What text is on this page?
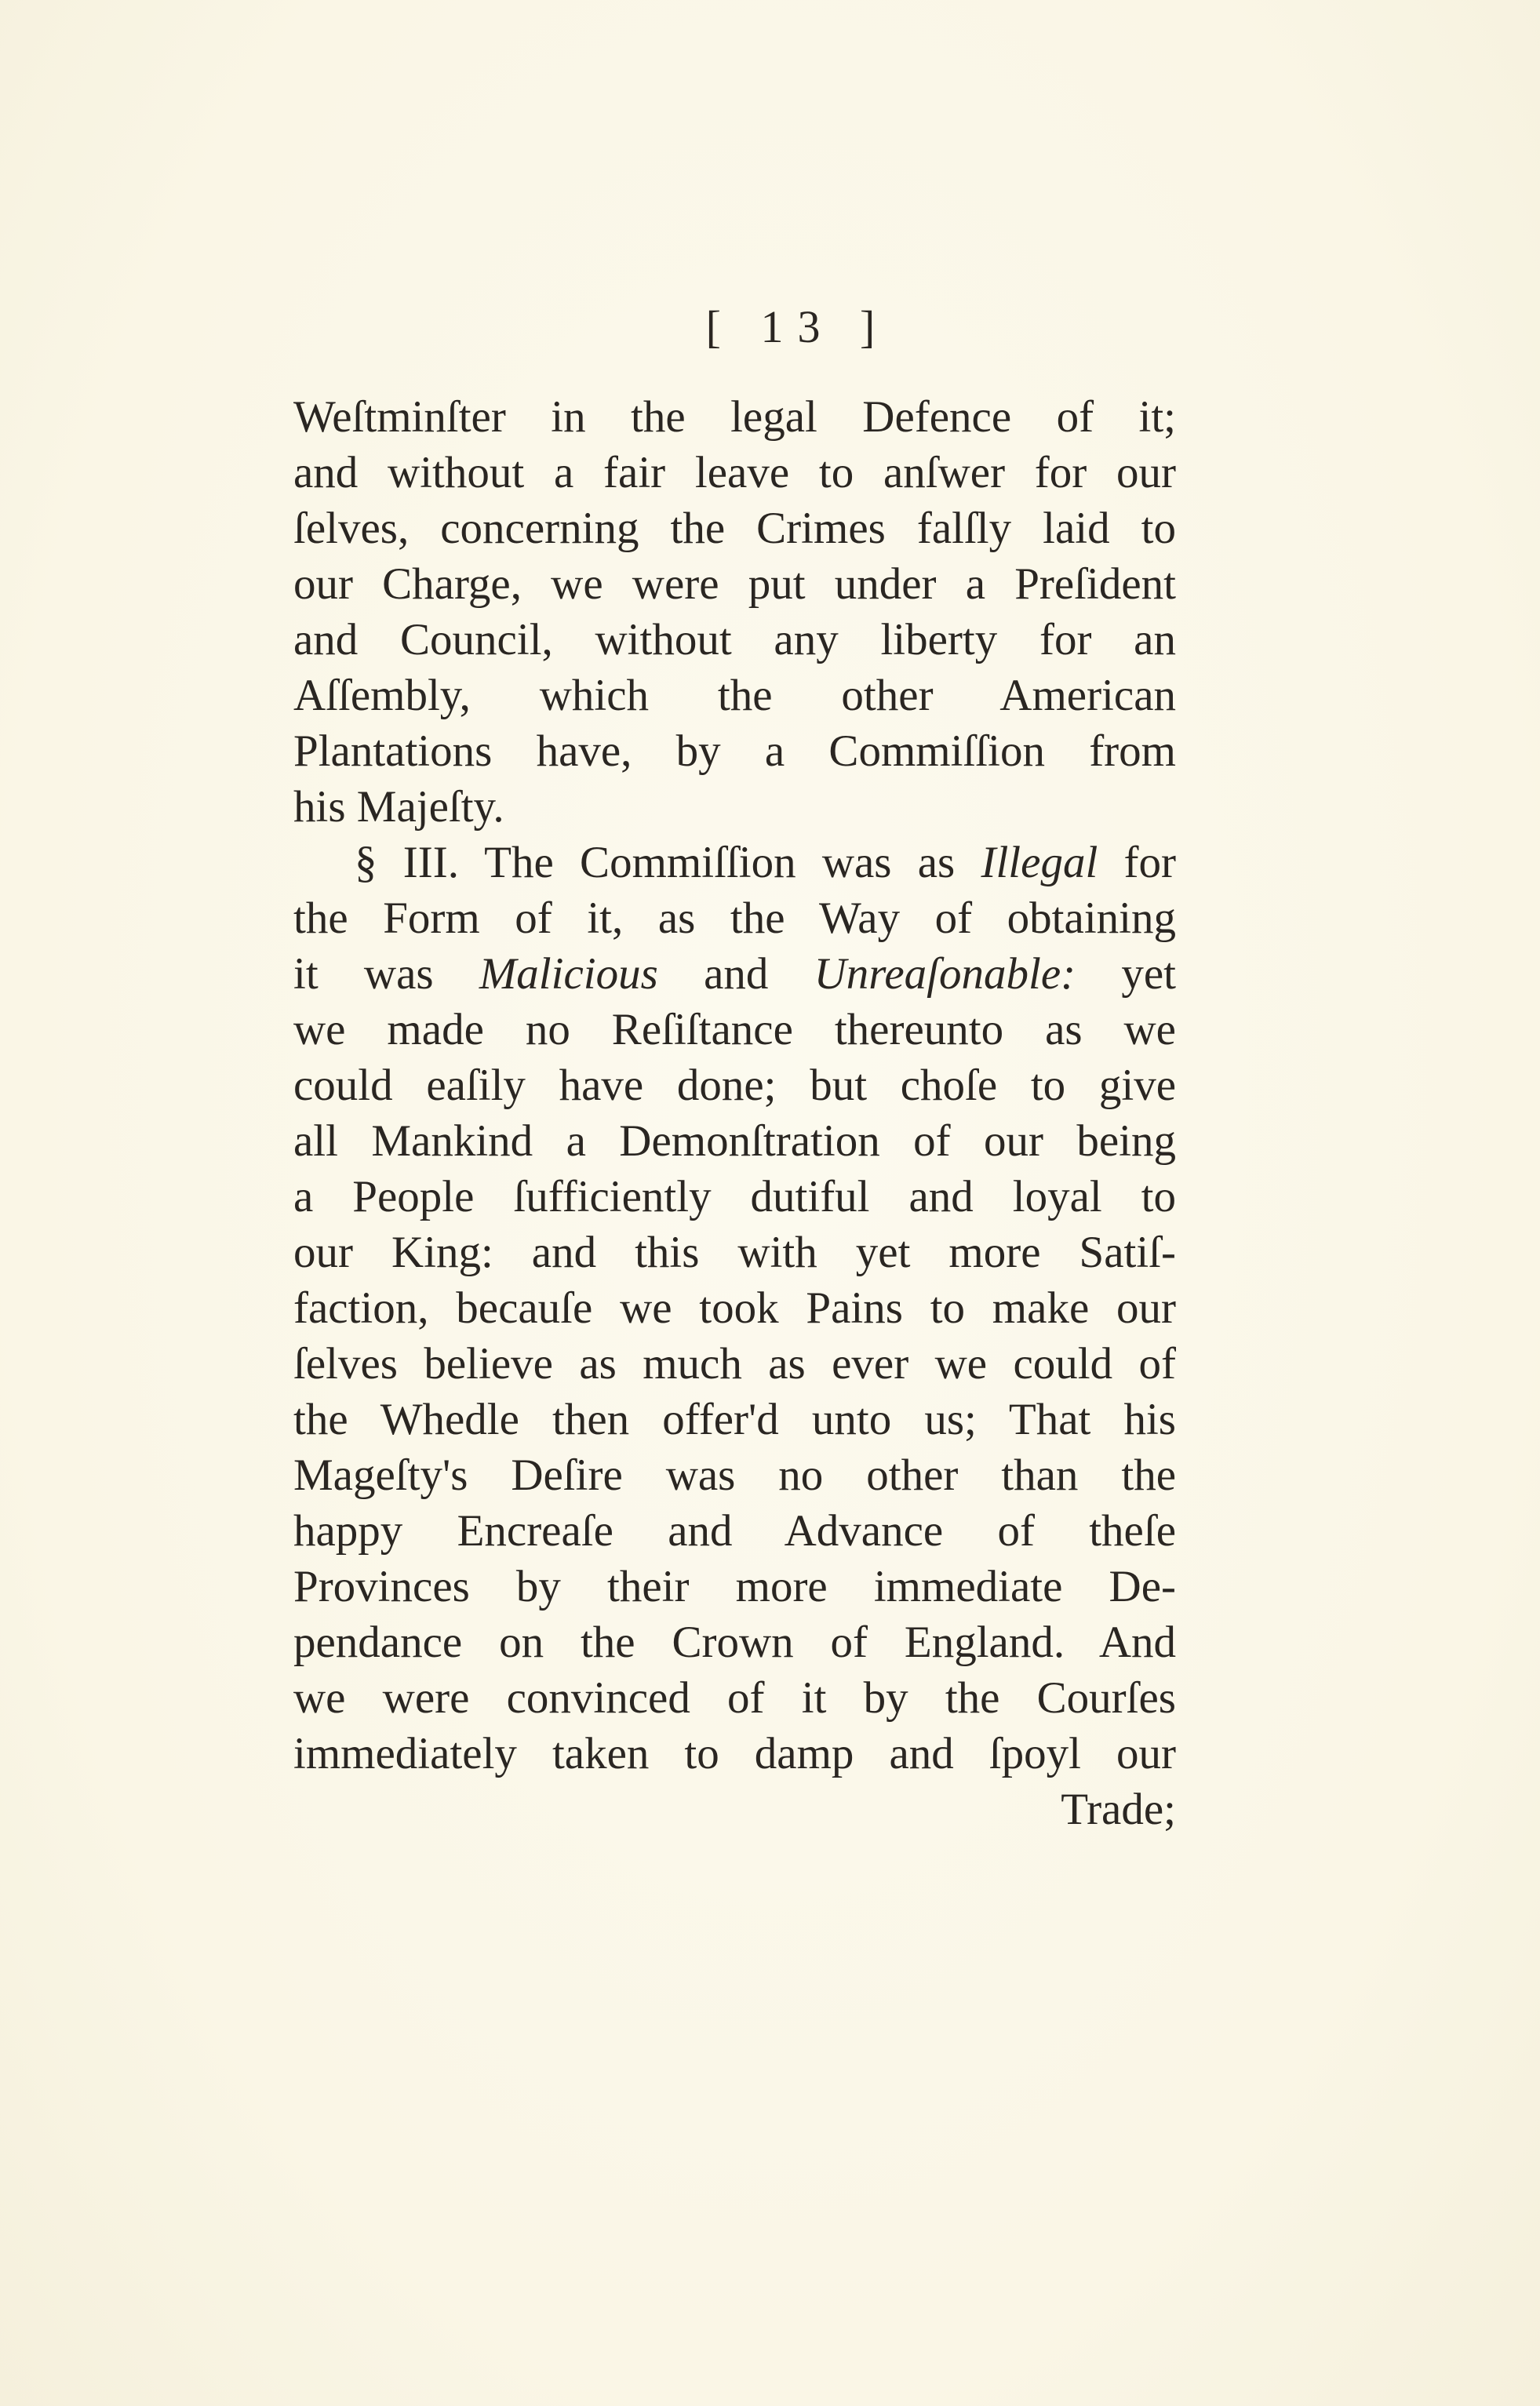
[ 13 ]
Weſtminſter in the legal Defence of it;
and without a fair leave to anſwer for our
ſelves, concerning the Crimes falſly laid to
our Charge, we were put under a Preſident
and Council, without any liberty for an
Aſſembly, which the other American
Plantations have, by a Commiſſion from
his Majeſty.
§ III. The Commiſſion was as Illegal for
the Form of it, as the Way of obtaining
it was Malicious and Unreaſonable: yet
we made no Reſiſtance thereunto as we
could eaſily have done; but choſe to give
all Mankind a Demonſtration of our being
a People ſufficiently dutiful and loyal to
our King: and this with yet more Satiſ-
faction, becauſe we took Pains to make our
ſelves believe as much as ever we could of
the Whedle then offer'd unto us; That his
Mageſty's Deſire was no other than the
happy Encreaſe and Advance of theſe
Provinces by their more immediate De-
pendance on the Crown of England. And
we were convinced of it by the Courſes
immediately taken to damp and ſpoyl our
Trade;
